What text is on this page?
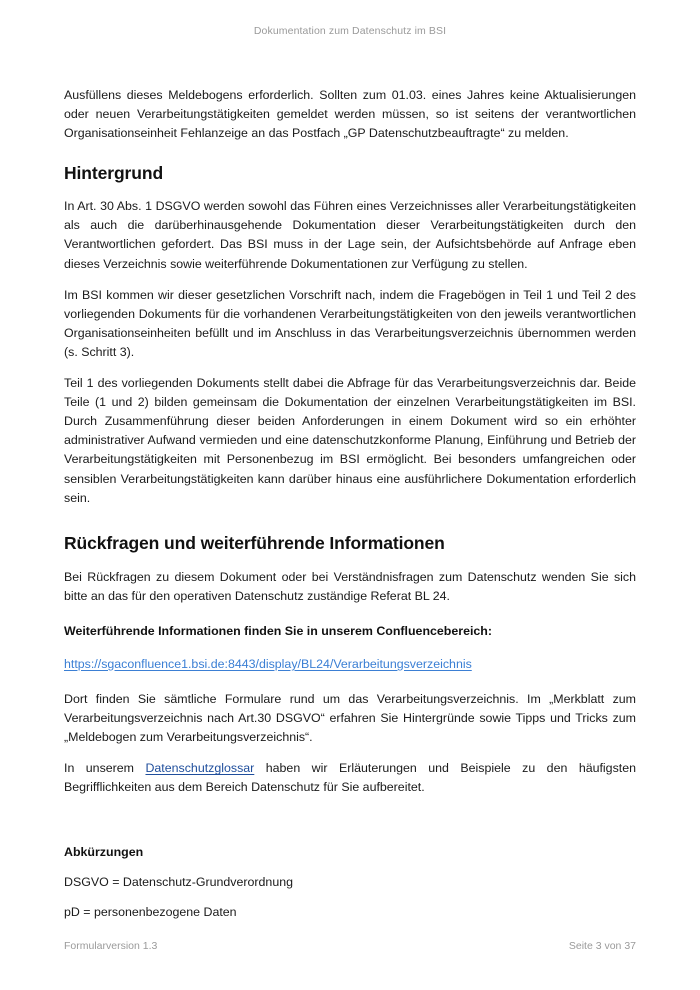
Dokumentation zum Datenschutz im BSI

Ausfüllens dieses Meldebogens erforderlich. Sollten zum 01.03. eines Jahres keine Aktualisierungen oder neuen Verarbeitungstätigkeiten gemeldet werden müssen, so ist seitens der verantwortlichen Organisationseinheit Fehlanzeige an das Postfach „GP Datenschutzbeauftragte“ zu melden.

Hintergrund

In Art. 30 Abs. 1 DSGVO werden sowohl das Führen eines Verzeichnisses aller Verarbeitungstätigkeiten als auch die darüberhinausgehende Dokumentation dieser Verarbeitungstätigkeiten durch den Verantwortlichen gefordert. Das BSI muss in der Lage sein, der Aufsichtsbehörde auf Anfrage eben dieses Verzeichnis sowie weiterführende Dokumentationen zur Verfügung zu stellen.

Im BSI kommen wir dieser gesetzlichen Vorschrift nach, indem die Fragebögen in Teil 1 und Teil 2 des vorliegenden Dokuments für die vorhandenen Verarbeitungstätigkeiten von den jeweils verantwortlichen Organisationseinheiten befüllt und im Anschluss in das Verarbeitungsverzeichnis übernommen werden (s. Schritt 3).

Teil 1 des vorliegenden Dokuments stellt dabei die Abfrage für das Verarbeitungsverzeichnis dar. Beide Teile (1 und 2) bilden gemeinsam die Dokumentation der einzelnen Verarbeitungstätigkeiten im BSI. Durch Zusammenführung dieser beiden Anforderungen in einem Dokument wird so ein erhöhter administrativer Aufwand vermieden und eine datenschutzkonforme Planung, Einführung und Betrieb der Verarbeitungstätigkeiten mit Personenbezug im BSI ermöglicht. Bei besonders umfangreichen oder sensiblen Verarbeitungstätigkeiten kann darüber hinaus eine ausführlichere Dokumentation erforderlich sein.

Rückfragen und weiterführende Informationen

Bei Rückfragen zu diesem Dokument oder bei Verständnisfragen zum Datenschutz wenden Sie sich bitte an das für den operativen Datenschutz zuständige Referat BL 24.

Weiterführende Informationen finden Sie in unserem Confluencebereich:

https://sgaconfluence1.bsi.de:8443/display/BL24/Verarbeitungsverzeichnis

Dort finden Sie sämtliche Formulare rund um das Verarbeitungsverzeichnis. Im „Merkblatt zum Verarbeitungsverzeichnis nach Art.30 DSGVO“ erfahren Sie Hintergründe sowie Tipps und Tricks zum „Meldebogen zum Verarbeitungsverzeichnis“.

In unserem Datenschutzglossar haben wir Erläuterungen und Beispiele zu den häufigsten Begrifflichkeiten aus dem Bereich Datenschutz für Sie aufbereitet.

Abkürzungen

DSGVO = Datenschutz-Grundverordnung

pD = personenbezogene Daten

Formularversion 1.3	Seite 3 von 37
